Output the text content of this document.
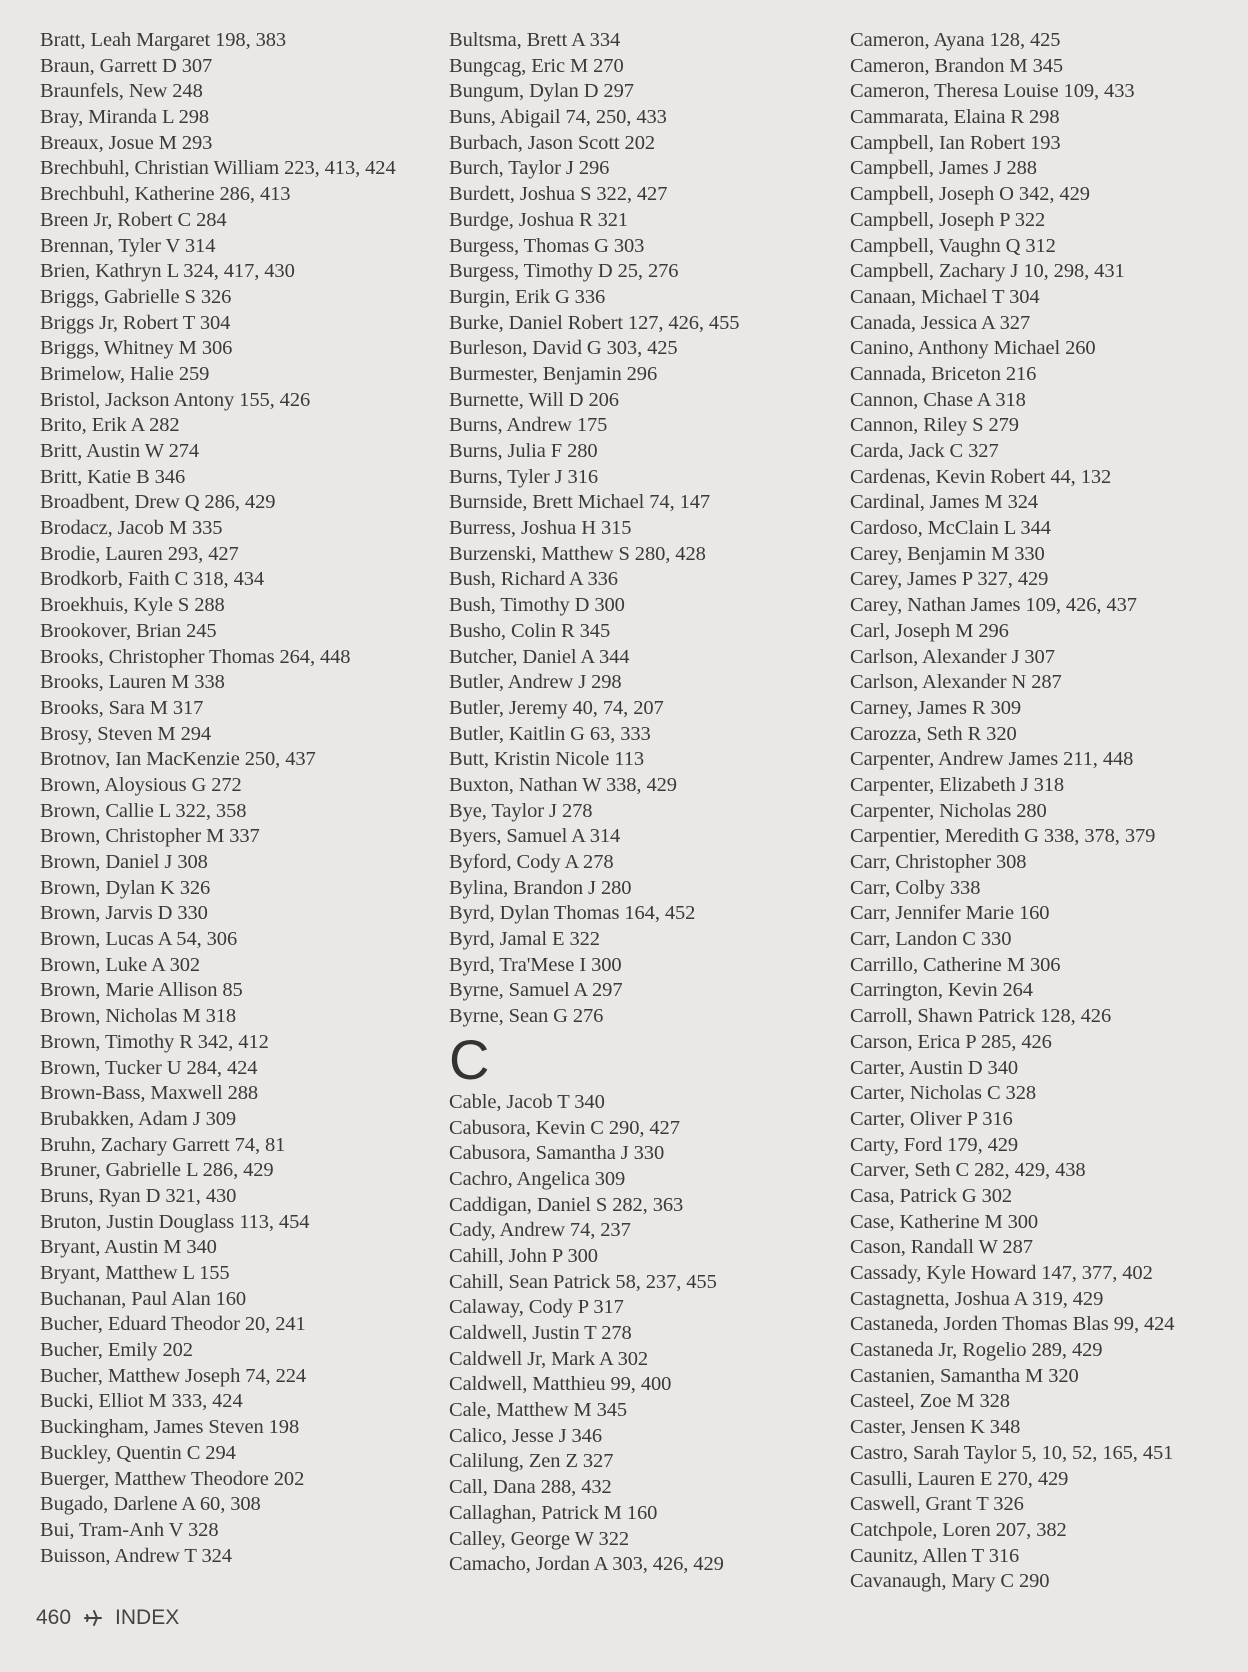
Bratt, Leah Margaret 198, 383
Braun, Garrett D 307
Braunfels, New 248
Bray, Miranda L 298
Breaux, Josue M 293
Brechbuhl, Christian William 223, 413, 424
Brechbuhl, Katherine 286, 413
Breen Jr, Robert C 284
Brennan, Tyler V 314
Brien, Kathryn L 324, 417, 430
Briggs, Gabrielle S 326
Briggs Jr, Robert T 304
Briggs, Whitney M 306
Brimelow, Halie 259
Bristol, Jackson Antony 155, 426
Brito, Erik A 282
Britt, Austin W 274
Britt, Katie B 346
Broadbent, Drew Q 286, 429
Brodacz, Jacob M 335
Brodie, Lauren 293, 427
Brodkorb, Faith C 318, 434
Broekhuis, Kyle S 288
Brookover, Brian 245
Brooks, Christopher Thomas 264, 448
Brooks, Lauren M 338
Brooks, Sara M 317
Brosy, Steven M 294
Brotnov, Ian MacKenzie 250, 437
Brown, Aloysious G 272
Brown, Callie L 322, 358
Brown, Christopher M 337
Brown, Daniel J 308
Brown, Dylan K 326
Brown, Jarvis D 330
Brown, Lucas A 54, 306
Brown, Luke A 302
Brown, Marie Allison 85
Brown, Nicholas M 318
Brown, Timothy R 342, 412
Brown, Tucker U 284, 424
Brown-Bass, Maxwell 288
Brubakken, Adam J 309
Bruhn, Zachary Garrett 74, 81
Bruner, Gabrielle L 286, 429
Bruns, Ryan D 321, 430
Bruton, Justin Douglass 113, 454
Bryant, Austin M 340
Bryant, Matthew L 155
Buchanan, Paul Alan 160
Bucher, Eduard Theodor 20, 241
Bucher, Emily 202
Bucher, Matthew Joseph 74, 224
Bucki, Elliot M 333, 424
Buckingham, James Steven 198
Buckley, Quentin C 294
Buerger, Matthew Theodore 202
Bugado, Darlene A 60, 308
Bui, Tram-Anh V 328
Buisson, Andrew T 324
Bultsma, Brett A 334
Bungcag, Eric M 270
Bungum, Dylan D 297
Buns, Abigail 74, 250, 433
Burbach, Jason Scott 202
Burch, Taylor J 296
Burdett, Joshua S 322, 427
Burdge, Joshua R 321
Burgess, Thomas G 303
Burgess, Timothy D 25, 276
Burgin, Erik G 336
Burke, Daniel Robert 127, 426, 455
Burleson, David G 303, 425
Burmester, Benjamin 296
Burnette, Will D 206
Burns, Andrew 175
Burns, Julia F 280
Burns, Tyler J 316
Burnside, Brett Michael 74, 147
Burress, Joshua H 315
Burzenski, Matthew S 280, 428
Bush, Richard A 336
Bush, Timothy D 300
Busho, Colin R 345
Butcher, Daniel A 344
Butler, Andrew J 298
Butler, Jeremy 40, 74, 207
Butler, Kaitlin G 63, 333
Butt, Kristin Nicole 113
Buxton, Nathan W 338, 429
Bye, Taylor J 278
Byers, Samuel A 314
Byford, Cody A 278
Bylina, Brandon J 280
Byrd, Dylan Thomas 164, 452
Byrd, Jamal E 322
Byrd, Tra'Mese I 300
Byrne, Samuel A 297
Byrne, Sean G 276
C
Cable, Jacob T 340
Cabusora, Kevin C 290, 427
Cabusora, Samantha J 330
Cachro, Angelica 309
Caddigan, Daniel S 282, 363
Cady, Andrew 74, 237
Cahill, John P 300
Cahill, Sean Patrick 58, 237, 455
Calaway, Cody P 317
Caldwell, Justin T 278
Caldwell Jr, Mark A 302
Caldwell, Matthieu 99, 400
Cale, Matthew M 345
Calico, Jesse J 346
Calilung, Zen Z 327
Call, Dana 288, 432
Callaghan, Patrick M 160
Calley, George W 322
Camacho, Jordan A 303, 426, 429
Cameron, Ayana 128, 425
Cameron, Brandon M 345
Cameron, Theresa Louise 109, 433
Cammarata, Elaina R 298
Campbell, Ian Robert 193
Campbell, James J 288
Campbell, Joseph O 342, 429
Campbell, Joseph P 322
Campbell, Vaughn Q 312
Campbell, Zachary J 10, 298, 431
Canaan, Michael T 304
Canada, Jessica A 327
Canino, Anthony Michael 260
Cannada, Briceton 216
Cannon, Chase A 318
Cannon, Riley S 279
Carda, Jack C 327
Cardenas, Kevin Robert 44, 132
Cardinal, James M 324
Cardoso, McClain L 344
Carey, Benjamin M 330
Carey, James P 327, 429
Carey, Nathan James 109, 426, 437
Carl, Joseph M 296
Carlson, Alexander J 307
Carlson, Alexander N 287
Carney, James R 309
Carozza, Seth R 320
Carpenter, Andrew James 211, 448
Carpenter, Elizabeth J 318
Carpenter, Nicholas 280
Carpentier, Meredith G 338, 378, 379
Carr, Christopher 308
Carr, Colby 338
Carr, Jennifer Marie 160
Carr, Landon C 330
Carrillo, Catherine M 306
Carrington, Kevin 264
Carroll, Shawn Patrick 128, 426
Carson, Erica P 285, 426
Carter, Austin D 340
Carter, Nicholas C 328
Carter, Oliver P 316
Carty, Ford 179, 429
Carver, Seth C 282, 429, 438
Casa, Patrick G 302
Case, Katherine M 300
Cason, Randall W 287
Cassady, Kyle Howard 147, 377, 402
Castagnetta, Joshua A 319, 429
Castaneda, Jorden Thomas Blas 99, 424
Castaneda Jr, Rogelio 289, 429
Castanien, Samantha M 320
Casteel, Zoe M 328
Caster, Jensen K 348
Castro, Sarah Taylor 5, 10, 52, 165, 451
Casulli, Lauren E 270, 429
Caswell, Grant T 326
Catchpole, Loren 207, 382
Caunitz, Allen T 316
Cavanaugh, Mary C 290
460 INDEX
